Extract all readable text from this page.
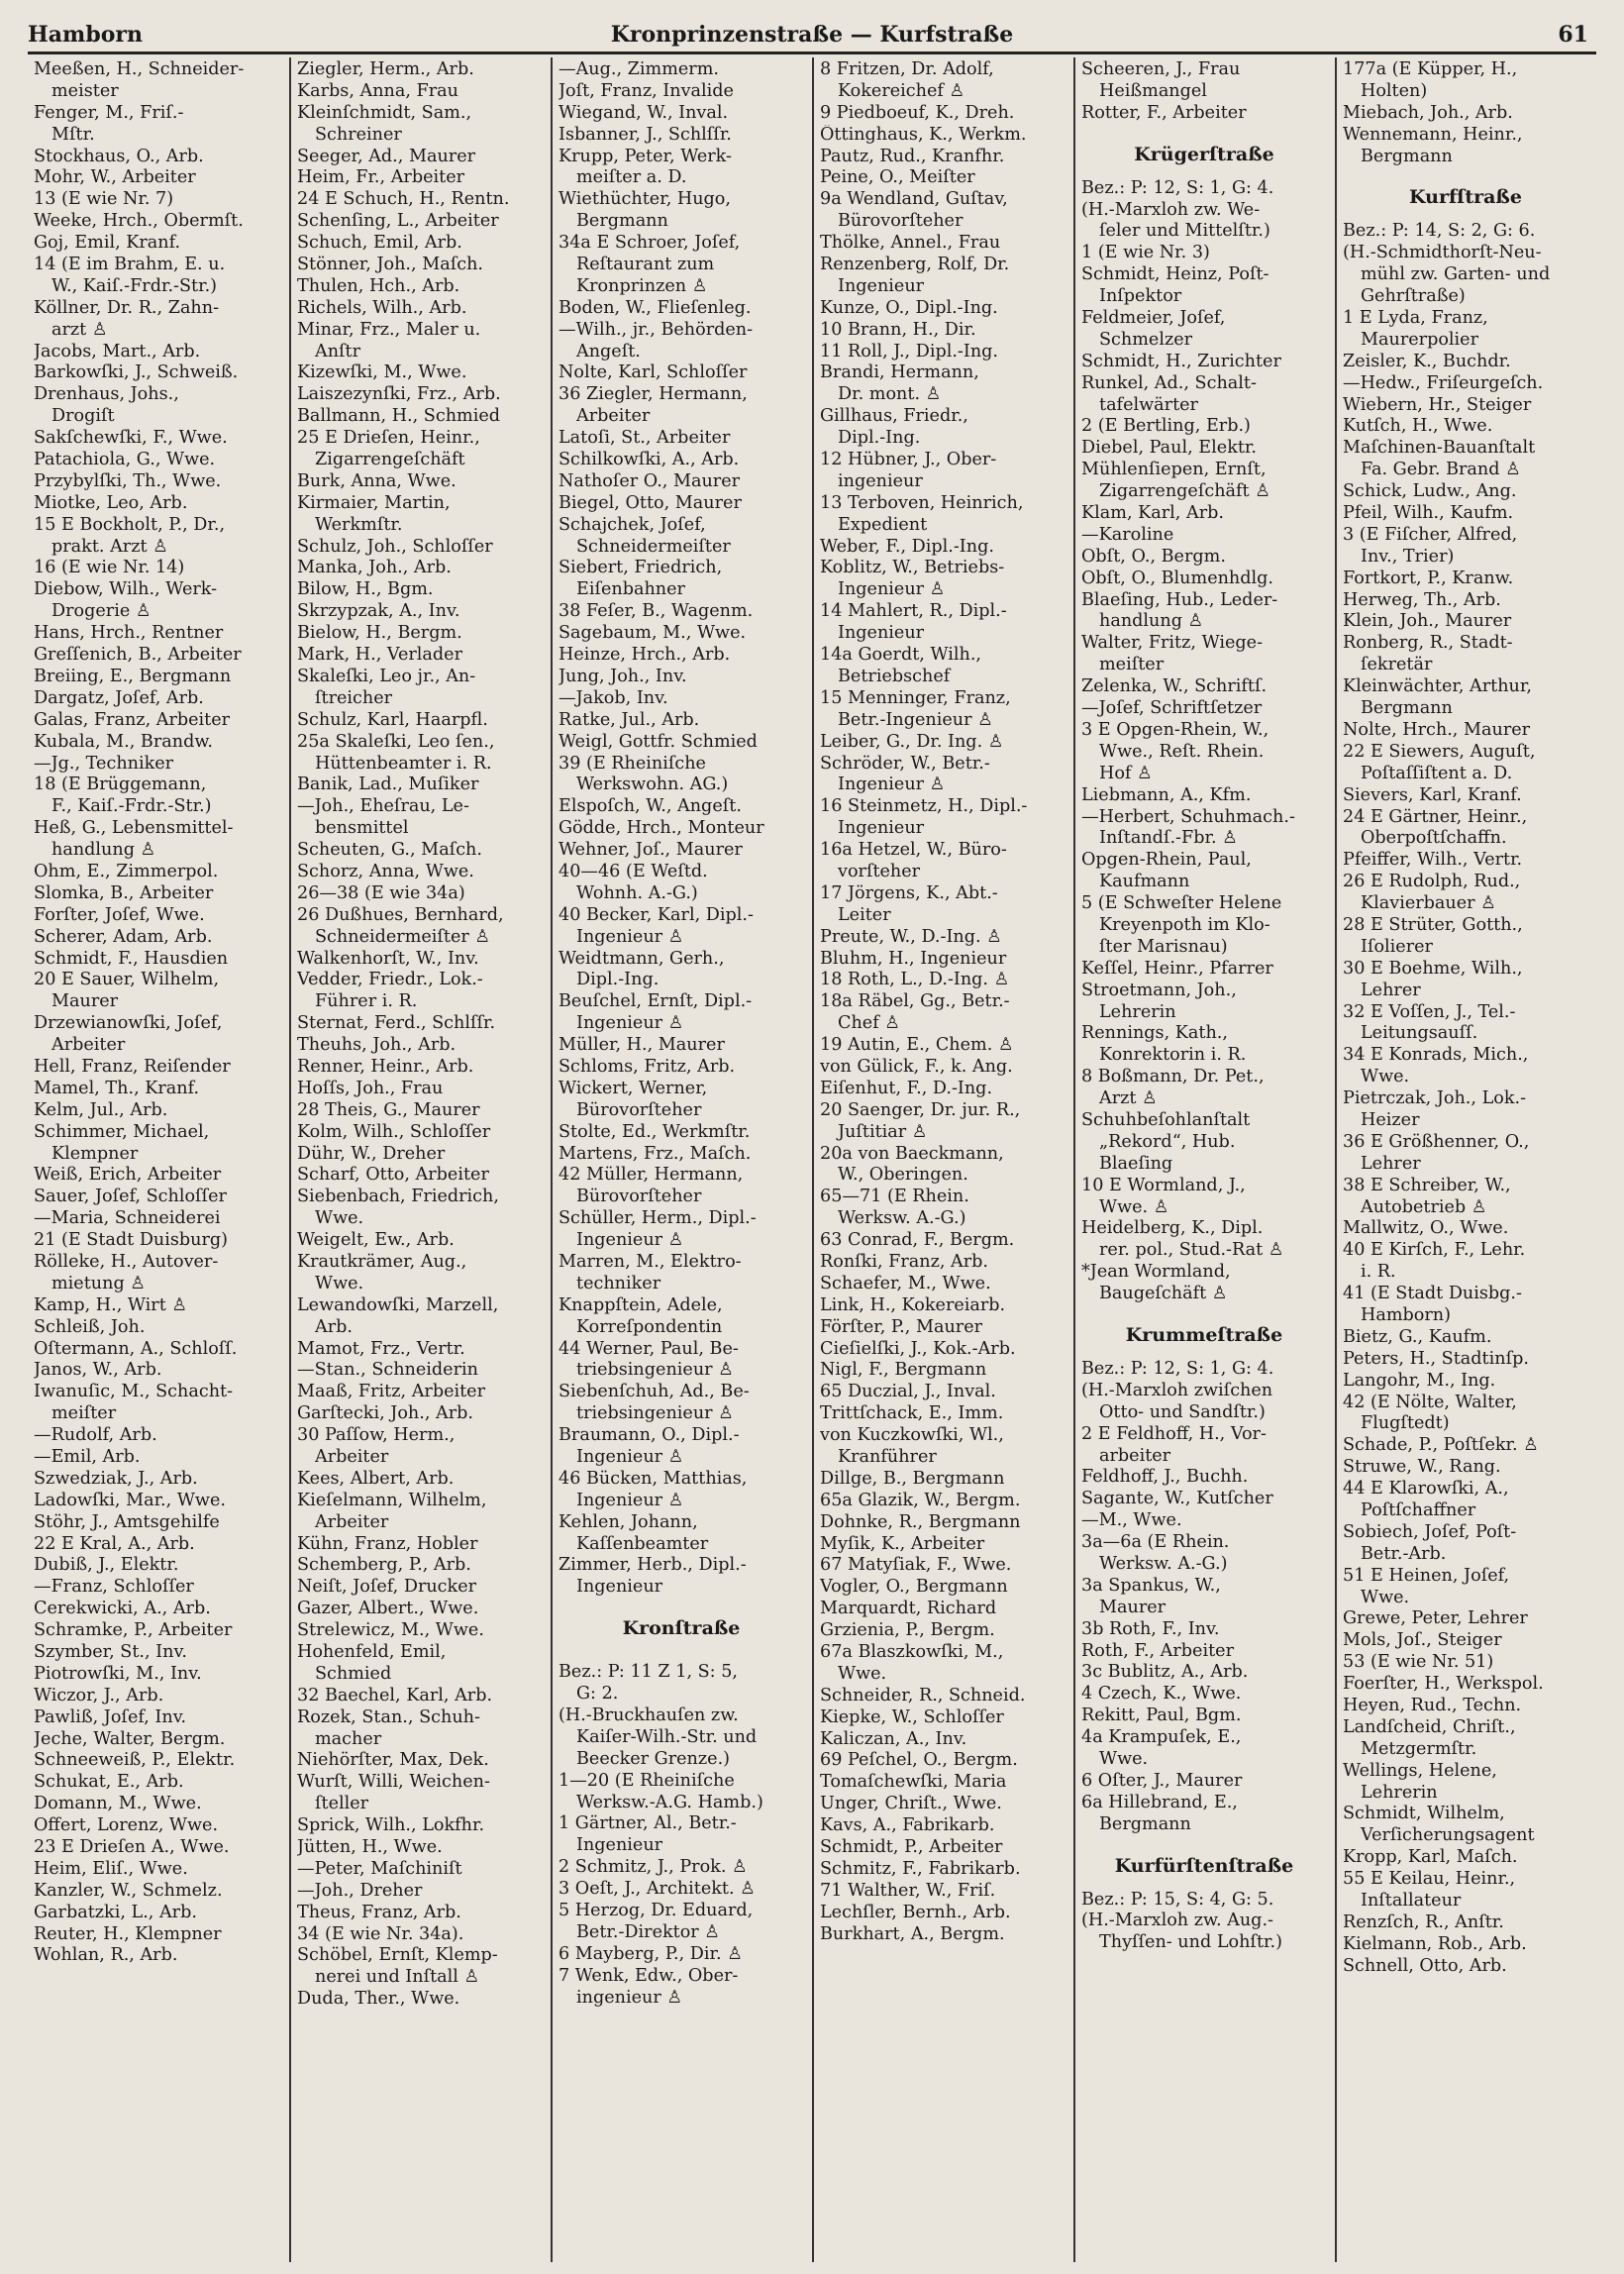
Kronprinzenstraße — Kurfstraße
Hamborn	61
Meeßen, H., Schneider-
meister
Fenger, M., Friſ.-
Mſtr.
Stockhaus, O., Arb.
Mohr, W., Arbeiter
13 (E wie Nr. 7)
Weeke, Hrch., Obermſt.
Goj, Emil, Kranf.
14 (E im Brahm, E. u.
W., Kaiſ.-Frdr.-Str.)
Köllner, Dr. R., Zahn-
arzt ♙
Jacobs, Mart., Arb.
Barkowſki, J., Schweiß.
Drenhaus, Johs.,
Drogiſt
Sakſchewſki, F., Wwe.
Patachiola, G., Wwe.
Przybylſki, Th., Wwe.
Miotke, Leo, Arb.
15 E Bockholt, P., Dr.,
prakt. Arzt ♙
16 (E wie Nr. 14)
Diebow, Wilh., Werk-
Drogerie ♙
Hans, Hrch., Rentner
Greſſenich, B., Arbeiter
Breiing, E., Bergmann
Dargatz, Joſef, Arb.
Galas, Franz, Arbeiter
Kubala, M., Brandw.
—Jg., Techniker
18 (E Brüggemann,
F., Kaiſ.-Frdr.-Str.)
Heß, G., Lebensmittel-
handlung ♙
Ohm, E., Zimmerpol.
Slomka, B., Arbeiter
Forſter, Joſef, Wwe.
Scherer, Adam, Arb.
Schmidt, F., Hausdien
20 E Sauer, Wilhelm,
Maurer
Drzewianowſki, Joſef,
Arbeiter
Hell, Franz, Reiſender
Mamel, Th., Kranf.
Kelm, Jul., Arb.
Schimmer, Michael,
Klempner
Weiß, Erich, Arbeiter
Sauer, Joſef, Schloſſer
—Maria, Schneiderei
21 (E Stadt Duisburg)
Rölleke, H., Autover-
mietung ♙
Kamp, H., Wirt ♙
Schleiß, Joh.
Oſtermann, A., Schloſſ.
Janos, W., Arb.
Iwanuſic, M., Schacht-
meiſter
—Rudolf, Arb.
—Emil, Arb.
Szwedziak, J., Arb.
Ladowſki, Mar., Wwe.
Stöhr, J., Amtsgehilfe
22 E Kral, A., Arb.
Dubiß, J., Elektr.
—Franz, Schloſſer
Cerekwicki, A., Arb.
Schramke, P., Arbeiter
Szymber, St., Inv.
Piotrowſki, M., Inv.
Wiczor, J., Arb.
Pawliß, Joſef, Inv.
Jeche, Walter, Bergm.
Schneeweiß, P., Elektr.
Schukat, E., Arb.
Domann, M., Wwe.
Offert, Lorenz, Wwe.
23 E Drieſen A., Wwe.
Heim, Eliſ., Wwe.
Kanzler, W., Schmelz.
Garbatzki, L., Arb.
Reuter, H., Klempner
Wohlan, R., Arb.
Ziegler, Herm., Arb.
Karbs, Anna, Frau
Kleinſchmidt, Sam.,
Schreiner
Seeger, Ad., Maurer
Heim, Fr., Arbeiter
24 E Schuch, H., Rentn.
Schenſing, L., Arbeiter
Schuch, Emil, Arb.
Stönner, Joh., Maſch.
Thulen, Hch., Arb.
Richels, Wilh., Arb.
Minar, Frz., Maler u.
Anſtr
Kizewſki, M., Wwe.
Laiszezynſki, Frz., Arb.
Ballmann, H., Schmied
25 E Drieſen, Heinr.,
Zigarrengeſchäft
Burk, Anna, Wwe.
Kirmaier, Martin,
Werkmſtr.
Schulz, Joh., Schloſſer
Manka, Joh., Arb.
Bilow, H., Bgm.
Skrzypzak, A., Inv.
Bielow, H., Bergm.
Mark, H., Verlader
Skaleſki, Leo jr., An-
ſtreicher
Schulz, Karl, Haarpfl.
25a Skaleſki, Leo ſen.,
Hüttenbeamter i. R.
Banik, Lad., Muſiker
—Joh., Eheſrau, Le-
bensmittel
Scheuten, G., Maſch.
Schorz, Anna, Wwe.
26—38 (E wie 34a)
26 Dußhues, Bernhard,
Schneidermeiſter ♙
Walkenhorſt, W., Inv.
Vedder, Friedr., Lok.-
Führer i. R.
Sternat, Ferd., Schlſſr.
Theuhs, Joh., Arb.
Renner, Heinr., Arb.
Hoſſs, Joh., Frau
28 Theis, G., Maurer
Kolm, Wilh., Schloſſer
Dühr, W., Dreher
Scharf, Otto, Arbeiter
Siebenbach, Friedrich,
Wwe.
Weigelt, Ew., Arb.
Krautkrämer, Aug.,
Wwe.
Lewandowſki, Marzell,
Arb.
Mamot, Frz., Vertr.
—Stan., Schneiderin
Maaß, Fritz, Arbeiter
Garſtecki, Joh., Arb.
30 Paſſow, Herm.,
Arbeiter
Kees, Albert, Arb.
Kieſelmann, Wilhelm,
Arbeiter
Kühn, Franz, Hobler
Schemberg, P., Arb.
Neiſt, Joſef, Drucker
Gazer, Albert., Wwe.
Strelewicz, M., Wwe.
Hohenfeld, Emil,
Schmied
32 Baechel, Karl, Arb.
Rozek, Stan., Schuh-
macher
Niehörſter, Max, Dek.
Wurſt, Willi, Weichen-
ſteller
Sprick, Wilh., Lokfhr.
Jütten, H., Wwe.
—Peter, Maſchiniſt
—Joh., Dreher
Theus, Franz, Arb.
34 (E wie Nr. 34a).
Schöbel, Ernſt, Klemp-
nerei und Inſtall ♙
Duda, Ther., Wwe.
—Aug., Zimmerm.
Joſt, Franz, Invalide
Wiegand, W., Inval.
Isbanner, J., Schlſſr.
Krupp, Peter, Werk-
meiſter a. D.
Wiethüchter, Hugo,
Bergmann
34a E Schroer, Joſef,
Reſtaurant zum
Kronprinzen ♙
Boden, W., Flieſenleg.
—Wilh., jr., Behörden-
Angeſt.
Nolte, Karl, Schloſſer
36 Ziegler, Hermann,
Arbeiter
Latoſi, St., Arbeiter
Schilkowſki, A., Arb.
Nathoſer O., Maurer
Biegel, Otto, Maurer
Schajchek, Joſef,
Schneidermeiſter
Siebert, Friedrich,
Eiſenbahner
38 Feſer, B., Wagenm.
Sagebaum, M., Wwe.
Heinze, Hrch., Arb.
Jung, Joh., Inv.
—Jakob, Inv.
Ratke, Jul., Arb.
Weigl, Gottfr. Schmied
39 (E Rheiniſche
Werkswohn. AG.)
Elspoſch, W., Angeſt.
Gödde, Hrch., Monteur
Wehner, Joſ., Maurer
40—46 (E Weſtd.
Wohnh. A.-G.)
40 Becker, Karl, Dipl.-
Ingenieur ♙
Weidtmann, Gerh.,
Dipl.-Ing.
Beuſchel, Ernſt, Dipl.-
Ingenieur ♙
Müller, H., Maurer
Schloms, Fritz, Arb.
Wickert, Werner,
Bürovorſteher
Stolte, Ed., Werkmſtr.
Martens, Frz., Maſch.
42 Müller, Hermann,
Bürovorſteher
Schüller, Herm., Dipl.-
Ingenieur ♙
Marren, M., Elektro-
techniker
Knappſtein, Adele,
Korreſpondentin
44 Werner, Paul, Be-
triebsingenieur ♙
Siebenſchuh, Ad., Be-
triebsingenieur ♙
Braumann, O., Dipl.-
Ingenieur ♙
46 Bücken, Matthias,
Ingenieur ♙
Kehlen, Johann,
Kaſſenbeamter
Zimmer, Herb., Dipl.-
Ingenieur
Kronſtraße
Bez.: P: 11 Z 1, S: 5,
G: 2.
(H.-Bruckhauſen zw.
Kaiſer-Wilh.-Str. und
Beecker Grenze.)
1—20 (E Rheiniſche
Werksw.-A.G. Hamb.)
1 Gärtner, Al., Betr.-
Ingenieur
2 Schmitz, J., Prok. ♙
3 Oeſt, J., Architekt. ♙
5 Herzog, Dr. Eduard,
Betr.-Direktor ♙
6 Mayberg, P., Dir. ♙
7 Wenk, Edw., Ober-
ingenieur ♙
8 Fritzen, Dr. Adolf,
Kokereichef ♙
9 Piedboeuf, K., Dreh.
Öttinghaus, K., Werkm.
Pautz, Rud., Kranfhr.
Peine, O., Meiſter
9a Wendland, Guſtav,
Bürovorſteher
Thölke, Annel., Frau
Renzenberg, Rolf, Dr.
Ingenieur
Kunze, O., Dipl.-Ing.
10 Brann, H., Dir.
11 Roll, J., Dipl.-Ing.
Brandi, Hermann,
Dr. mont. ♙
Gillhaus, Friedr.,
Dipl.-Ing.
12 Hübner, J., Ober-
ingenieur
13 Terboven, Heinrich,
Expedient
Weber, F., Dipl.-Ing.
Koblitz, W., Betriebs-
Ingenieur ♙
14 Mahlert, R., Dipl.-
Ingenieur
14a Goerdt, Wilh.,
Betriebschef
15 Menninger, Franz,
Betr.-Ingenieur ♙
Leiber, G., Dr. Ing. ♙
Schröder, W., Betr.-
Ingenieur ♙
16 Steinmetz, H., Dipl.-
Ingenieur
16a Hetzel, W., Büro-
vorſteher
17 Jörgens, K., Abt.-
Leiter
Preute, W., D.-Ing. ♙
Bluhm, H., Ingenieur
18 Roth, L., D.-Ing. ♙
18a Räbel, Gg., Betr.-
Chef ♙
19 Autin, E., Chem. ♙
von Gülick, F., k. Ang.
Eiſenhut, F., D.-Ing.
20 Saenger, Dr. jur. R.,
Juſtitiar ♙
20a von Baeckmann,
W., Oberingen.
65—71 (E Rhein.
Werksw. A.-G.)
63 Conrad, F., Bergm.
Ronſki, Franz, Arb.
Schaefer, M., Wwe.
Link, H., Kokereiarb.
Förſter, P., Maurer
Cieſielſki, J., Kok.-Arb.
Nigl, F., Bergmann
65 Duczial, J., Inval.
Trittſchack, E., Imm.
von Kuczkowſki, Wl.,
Kranführer
Dillge, B., Bergmann
65a Glazik, W., Bergm.
Dohnke, R., Bergmann
Myſik, K., Arbeiter
67 Matyſiak, F., Wwe.
Vogler, O., Bergmann
Marquardt, Richard
Grzienia, P., Bergm.
67a Blaszkowſki, M.,
Wwe.
Schneider, R., Schneid.
Kiepke, W., Schloſſer
Kaliczan, A., Inv.
69 Peſchel, O., Bergm.
Tomaſchewſki, Maria
Unger, Chriſt., Wwe.
Kavs, A., Fabrikarb.
Schmidt, P., Arbeiter
Schmitz, F., Fabrikarb.
71 Walther, W., Friſ.
Lechſler, Bernh., Arb.
Burkhart, A., Bergm.
Scheeren, J., Frau
Heißmangel
Rotter, F., Arbeiter
Krügerſtraße
Bez.: P: 12, S: 1, G: 4.
(H.-Marxloh zw. We-
ſeler und Mittelſtr.)
1 (E wie Nr. 3)
Schmidt, Heinz, Poſt-
Inſpektor
Feldmeier, Joſef,
Schmelzer
Schmidt, H., Zurichter
Runkel, Ad., Schalt-
tafelwärter
2 (E Bertling, Erb.)
Diebel, Paul, Elektr.
Mühlenſiepen, Ernſt,
Zigarrengeſchäft ♙
Klam, Karl, Arb.
—Karoline
Obſt, O., Bergm.
Obſt, O., Blumenhdlg.
Blaeſing, Hub., Leder-
handlung ♙
Walter, Fritz, Wiege-
meiſter
Zelenka, W., Schriftſ.
—Joſef, Schriftſetzer
3 E Opgen-Rhein, W.,
Wwe., Reſt. Rhein.
Hof ♙
Liebmann, A., Kfm.
—Herbert, Schuhmach.-
Inſtandſ.-Fbr. ♙
Opgen-Rhein, Paul,
Kaufmann
5 (E Schweſter Helene
Kreyenpoth im Klo-
ſter Marisnau)
Keſſel, Heinr., Pfarrer
Stroetmann, Joh.,
Lehrerin
Rennings, Kath.,
Konrektorin i. R.
8 Boßmann, Dr. Pet.,
Arzt ♙
Schuhbeſohlanſtalt
„Rekord“, Hub.
Blaeſing
10 E Wormland, J.,
Wwe. ♙
Heidelberg, K., Dipl.
rer. pol., Stud.-Rat ♙
*Jean Wormland,
Baugeſchäft ♙
Krummeſtraße
Bez.: P: 12, S: 1, G: 4.
(H.-Marxloh zwiſchen
Otto- und Sandſtr.)
2 E Feldhoff, H., Vor-
arbeiter
Feldhoff, J., Buchh.
Sagante, W., Kutſcher
—M., Wwe.
3a—6a (E Rhein.
Werksw. A.-G.)
3a Spankus, W.,
Maurer
3b Roth, F., Inv.
Roth, F., Arbeiter
3c Bublitz, A., Arb.
4 Czech, K., Wwe.
Rekitt, Paul, Bgm.
4a Krampuſek, E.,
Wwe.
6 Oſter, J., Maurer
6a Hillebrand, E.,
Bergmann
Kurfürſtenſtraße
Bez.: P: 15, S: 4, G: 5.
(H.-Marxloh zw. Aug.-
Thyſſen- und Lohſtr.)
177a (E Küpper, H.,
Holten)
Miebach, Joh., Arb.
Wennemann, Heinr.,
Bergmann
Kurfſtraße
Bez.: P: 14, S: 2, G: 6.
(H.-Schmidthorſt-Neu-
mühl zw. Garten- und
Gehrſtraße)
1 E Lyda, Franz,
Maurerpolier
Zeisler, K., Buchdr.
—Hedw., Friſeurgeſch.
Wiebern, Hr., Steiger
Kutſch, H., Wwe.
Maſchinen-Bauanſtalt
Fa. Gebr. Brand ♙
Schick, Ludw., Ang.
Pfeil, Wilh., Kaufm.
3 (E Fiſcher, Alfred,
Inv., Trier)
Fortkort, P., Kranw.
Herweg, Th., Arb.
Klein, Joh., Maurer
Ronberg, R., Stadt-
ſekretär
Kleinwächter, Arthur,
Bergmann
Nolte, Hrch., Maurer
22 E Siewers, Auguſt,
Poſtaſſiſtent a. D.
Sievers, Karl, Kranf.
24 E Gärtner, Heinr.,
Oberpoſtſchaffn.
Pfeiffer, Wilh., Vertr.
26 E Rudolph, Rud.,
Klavierbauer ♙
28 E Strüter, Gotth.,
Iſolierer
30 E Boehme, Wilh.,
Lehrer
32 E Voſſen, J., Tel.-
Leitungsauſſ.
34 E Konrads, Mich.,
Wwe.
Pietrczak, Joh., Lok.-
Heizer
36 E Größhenner, O.,
Lehrer
38 E Schreiber, W.,
Autobetrieb ♙
Mallwitz, O., Wwe.
40 E Kirſch, F., Lehr.
i. R.
41 (E Stadt Duisbg.-
Hamborn)
Bietz, G., Kaufm.
Peters, H., Stadtinſp.
Langohr, M., Ing.
42 (E Nölte, Walter,
Flugſtedt)
Schade, P., Poſtſekr. ♙
Struwe, W., Rang.
44 E Klarowſki, A.,
Poſtſchaffner
Sobiech, Joſef, Poſt-
Betr.-Arb.
51 E Heinen, Joſef,
Wwe.
Grewe, Peter, Lehrer
Mols, Joſ., Steiger
53 (E wie Nr. 51)
Foerſter, H., Werkspol.
Heyen, Rud., Techn.
Landſcheid, Chriſt.,
Metzgermſtr.
Wellings, Helene,
Lehrerin
Schmidt, Wilhelm,
Verſicherungsagent
Kropp, Karl, Maſch.
55 E Keilau, Heinr.,
Inſtallateur
Renzſch, R., Anſtr.
Kielmann, Rob., Arb.
Schnell, Otto, Arb.
